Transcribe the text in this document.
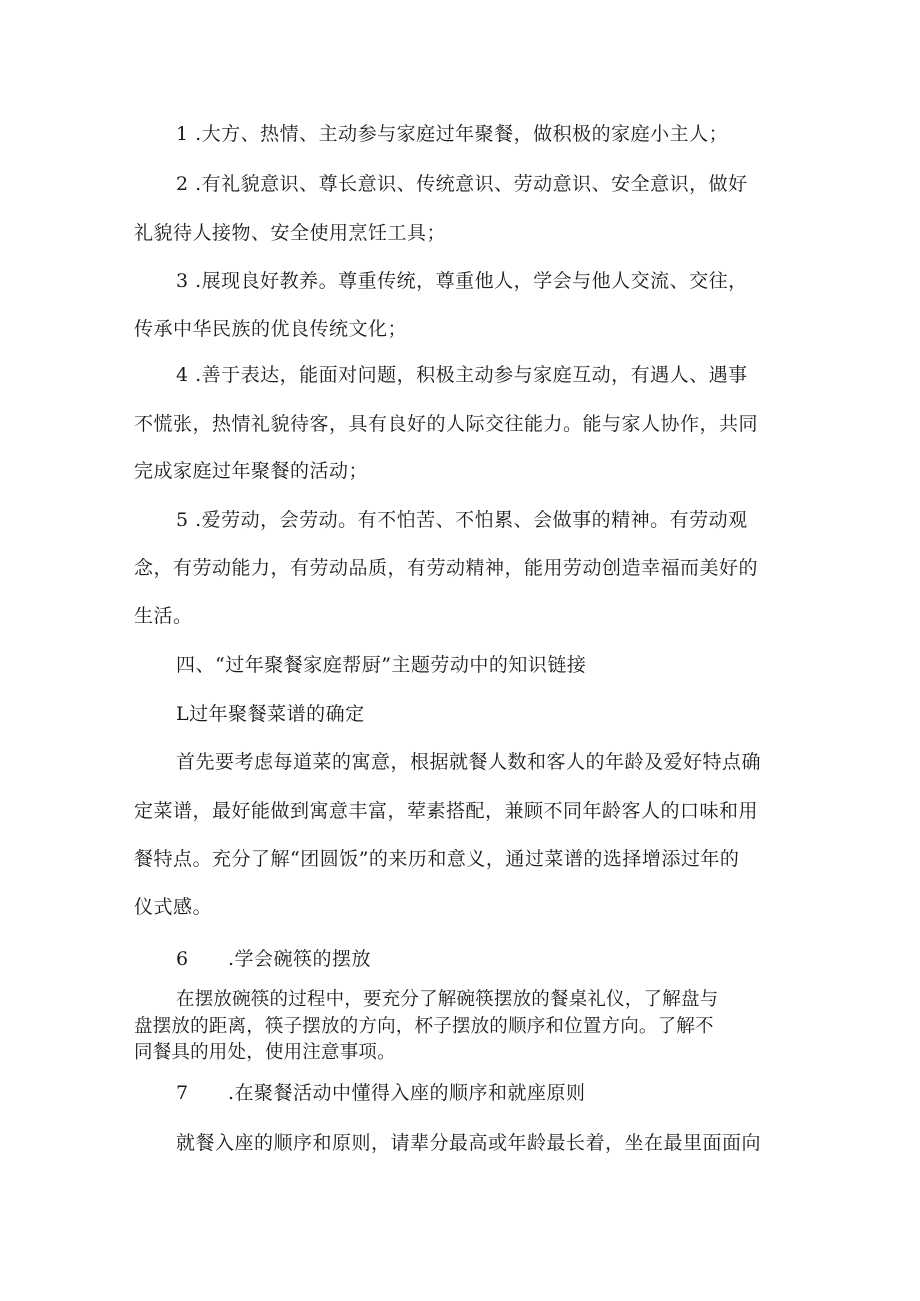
1 .大方、热情、主动参与家庭过年聚餐，做积极的家庭小主人；
2 .有礼貌意识、尊长意识、传统意识、劳动意识、安全意识，做好
礼貌待人接物、安全使用烹饪工具；
3 .展现良好教养。尊重传统，尊重他人，学会与他人交流、交往，
传承中华民族的优良传统文化；
4 .善于表达，能面对问题，积极主动参与家庭互动，有遇人、遇事
不慌张，热情礼貌待客，具有良好的人际交往能力。能与家人协作，共同
完成家庭过年聚餐的活动；
5 .爱劳动，会劳动。有不怕苦、不怕累、会做事的精神。有劳动观
念，有劳动能力，有劳动品质，有劳动精神，能用劳动创造幸福而美好的
生活。
四、“过年聚餐家庭帮厨”主题劳动中的知识链接
L过年聚餐菜谱的确定
首先要考虑每道菜的寓意，根据就餐人数和客人的年龄及爱好特点确
定菜谱，最好能做到寓意丰富，荤素搭配，兼顾不同年龄客人的口味和用
餐特点。充分了解“团圆饭”的来历和意义，通过菜谱的选择增添过年的
仪式感。
6 .学会碗筷的摆放
在摆放碗筷的过程中，要充分了解碗筷摆放的餐桌礼仪，了解盘与
盘摆放的距离，筷子摆放的方向，杯子摆放的顺序和位置方向。了解不
同餐具的用处，使用注意事项。
7 .在聚餐活动中懂得入座的顺序和就座原则
就餐入座的顺序和原则，请辈分最高或年龄最长着，坐在最里面面向
